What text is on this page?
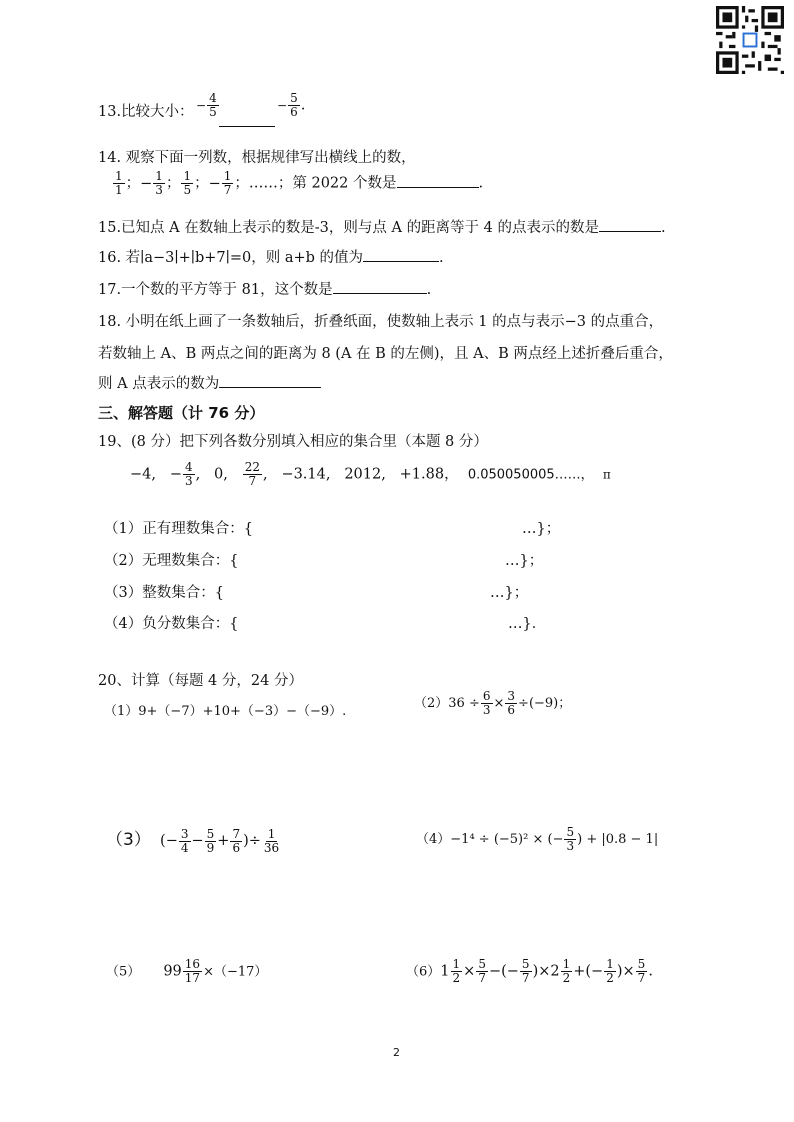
13.比较大小： − $\frac{4}{5}$	− $\frac{5}{6}$ .
14. 观察下面一列数，根据规律写出横线上的数，
$\frac{1}{1}$ ；− $\frac{1}{3}$ ； $\frac{1}{5}$ ；− $\frac{1}{7}$ ；……；第 2022 个数是	.
15.已知点 A 在数轴上表示的数是-3，则与点 A 的距离等于 4 的点表示的数是	.
16. 若∣a−3∣+∣b+7∣=0，则 a+b 的值为	.
17.一个数的平方等于 81，这个数是	.
18. 小明在纸上画了一条数轴后，折叠纸面，使数轴上表示 1 的点与表示−3 的点重合，
若数轴上 A、B 两点之间的距离为 8 (A 在 B 的左侧)，且 A、B 两点经上述折叠后重合，
则 A 点表示的数为
三、解答题（计 76 分）
19、(8 分）把下列各数分别填入相应的集合里（本题 8 分）
−4, − $\frac{4}{3}$ , 0, $\frac{22}{7}$ , −3.14, 2012, +1.88， 0.050050005……， π
（1）正有理数集合：{	…}；
（2）无理数集合：{	…}；
（3）整数集合：{	…}；
（4）负分数集合：{	…}．
20、计算（每题 4 分，24 分）
（1）9+（−7）+10+（−3）−（−9）.
$(2)36 \div \frac{6}{3} \times \frac{3}{6} \div(-9)$；
（3） (− $\frac{3}{4} - \frac{5}{9} + \frac{7}{6}$ )÷ $\frac{1}{36}$	（4）−1⁴ ÷ (−5)² × (− $\frac{5}{3}$ ) + |0.8 − 1|
（5） $99 \frac{16}{17} \times(-17)$	$(6)1 \frac{1}{2} \times \frac{5}{7}$ −(− $\frac{5}{7} )\times 2 \frac{1}{2}$ +(− $\frac{1}{2}$ )× $\frac{5}{7}$ .
2
